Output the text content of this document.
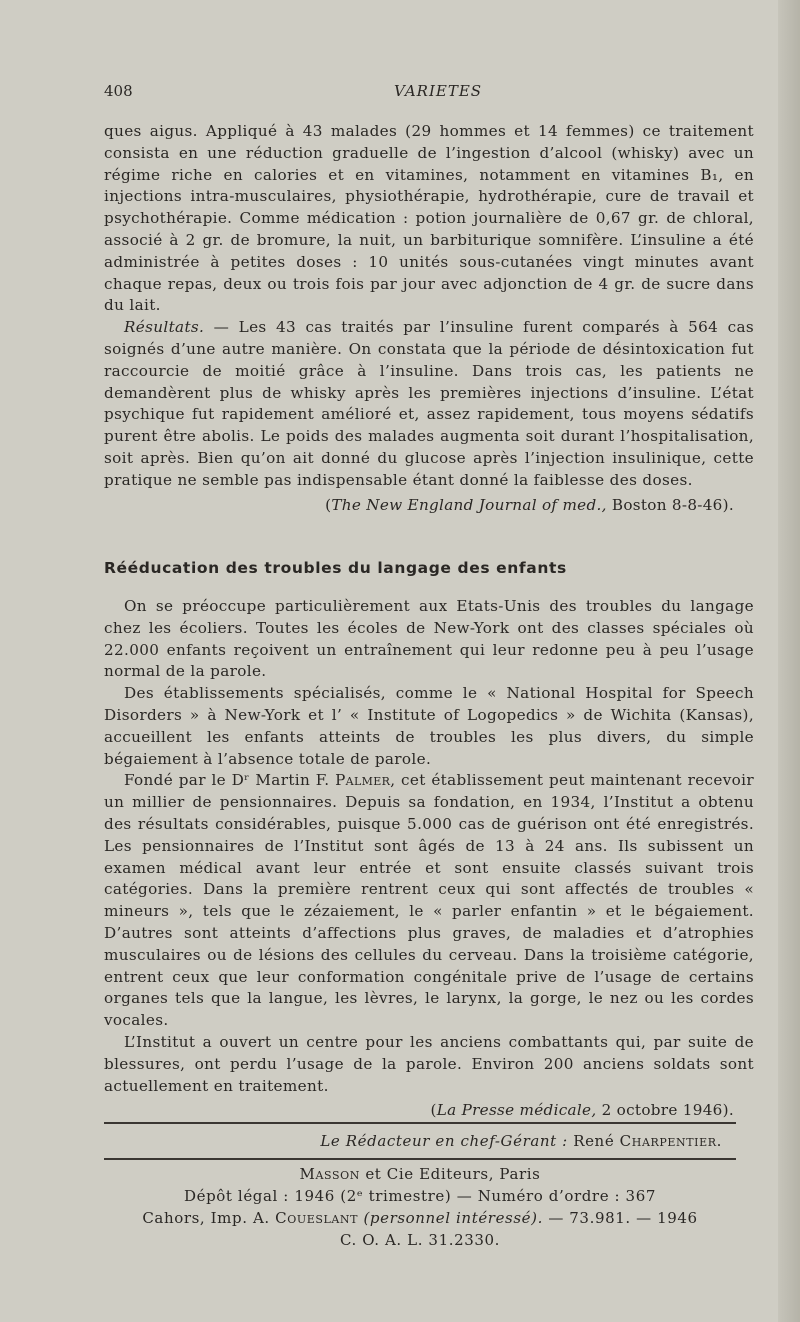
408	VARIETES

ques aigus. Appliqué à 43 malades (29 hommes et 14 femmes) ce traitement consista en une réduction graduelle de l’ingestion d’alcool (whisky) avec un régime riche en calories et en vitamines, notamment en vitamines B₁, en injections intra-musculaires, physiothérapie, hydrothérapie, cure de travail et psychothérapie. Comme médication : potion journalière de 0,67 gr. de chloral, associé à 2 gr. de bromure, la nuit, un barbiturique somnifère. L’insuline a été administrée à petites doses : 10 unités sous-cutanées vingt minutes avant chaque repas, deux ou trois fois par jour avec adjonction de 4 gr. de sucre dans du lait.

Résultats. — Les 43 cas traités par l’insuline furent comparés à 564 cas soignés d’une autre manière. On constata que la période de désintoxication fut raccourcie de moitié grâce à l’insuline. Dans trois cas, les patients ne demandèrent plus de whisky après les premières injections d’insuline. L’état psychique fut rapidement amélioré et, assez rapidement, tous moyens sédatifs purent être abolis. Le poids des malades augmenta soit durant l’hospitalisation, soit après. Bien qu’on ait donné du glucose après l’injection insulinique, cette pratique ne semble pas indispensable étant donné la faiblesse des doses.

(The New England Journal of med., Boston 8-8-46).
Rééducation des troubles du langage des enfants

On se préoccupe particulièrement aux Etats-Unis des troubles du langage chez les écoliers. Toutes les écoles de New-York ont des classes spéciales où 22.000 enfants reçoivent un entraînement qui leur redonne peu à peu l’usage normal de la parole.

Des établissements spécialisés, comme le « National Hospital for Speech Disorders » à New-York et l’ « Institute of Logopedics » de Wichita (Kansas), accueillent les enfants atteints de troubles les plus divers, du simple bégaiement à l’absence totale de parole.

Fondé par le Dʳ Martin F. Palmer, cet établissement peut maintenant recevoir un millier de pensionnaires. Depuis sa fondation, en 1934, l’Institut a obtenu des résultats considérables, puisque 5.000 cas de guérison ont été enregistrés. Les pensionnaires de l’Institut sont âgés de 13 à 24 ans. Ils subissent un examen médical avant leur entrée et sont ensuite classés suivant trois catégories. Dans la première rentrent ceux qui sont affectés de troubles « mineurs », tels que le zézaiement, le « parler enfantin » et le bégaiement. D’autres sont atteints d’affections plus graves, de maladies et d’atrophies musculaires ou de lésions des cellules du cerveau. Dans la troisième catégorie, entrent ceux que leur conformation congénitale prive de l’usage de certains organes tels que la langue, les lèvres, le larynx, la gorge, le nez ou les cordes vocales.

L’Institut a ouvert un centre pour les anciens combattants qui, par suite de blessures, ont perdu l’usage de la parole. Environ 200 anciens soldats sont actuellement en traitement.

(La Presse médicale, 2 octobre 1946).
Le Rédacteur en chef-Gérant : René Charpentier.
Masson et Cie Editeurs, Paris
Dépôt légal : 1946 (2ᵉ trimestre) — Numéro d’ordre : 367
Cahors, Imp. A. Coueslant (personnel intéressé). — 73.981. — 1946
C. O. A. L. 31.2330.
